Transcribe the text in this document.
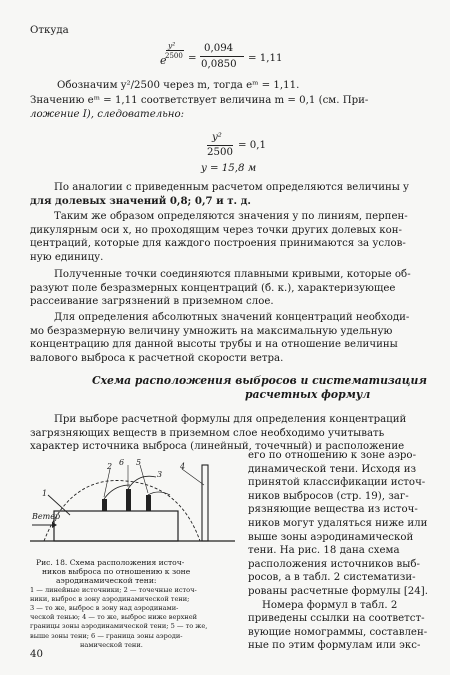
Откуда
e
y²
2500 =
0,094
0,0850
= 1,11
Обозначим y²/2500 через m, тогда eᵐ = 1,11.
Значению eᵐ = 1,11 соответствует величина m = 0,1 (см. При-
ложение I), следовательно:
y²
2500
= 0,1
y = 15,8 м
По аналогии с приведенным расчетом определяются величины y
для долевых значений 0,8; 0,7 и т. д.
Таким же образом определяются значения y по линиям, перпен-
дикулярным оси x, но проходящим через точки других долевых кон-
центраций, которые для каждого построения принимаются за услов-
ную единицу.
Полученные точки соединяются плавными кривыми, которые об-
разуют поле безразмерных концентраций (б. к.), характеризующее
рассеивание загрязнений в приземном слое.
Для определения абсолютных значений концентраций необходи-
мо безразмерную величину умножить на максимальную удельную
концентрацию для данной высоты трубы и на отношение величины
валового выброса к расчетной скорости ветра.
Схема расположения выбросов и систематизация
расчетных формул
При выборе расчетной формулы для определения концентраций
загрязняющих веществ в приземном слое необходимо учитывать
характер источника выброса (линейный, точечный) и расположение
Ветер
1
2 6 5	4
3
его по отношению к зоне аэро-
динамической тени. Исходя из
принятой классификации источ-
ников выбросов (стр. 19), заг-
рязняющие вещества из источ-
ников могут удаляться ниже или
выше зоны аэродинамической
тени. На рис. 18 дана схема
расположения источников выб-
росов, а в табл. 2 систематизи-
рованы расчетные формулы [24].
Номера формул в табл. 2
приведены ссылки на соответст-
вующие номограммы, составлен-
ные по этим формулам или экс-
Рис. 18. Схема расположения источ-
ников выброса по отношению к зоне
аэродинамической тени:
1 — линейные источники; 2 — точечные источ-
ники, выброс в зону аэродинамической тени;
3 — то же, выброс в зону над аэродинами-
ческой тенью; 4 — то же, выброс ниже верхней
границы зоны аэродинамической тени; 5 — то же,
выше зоны тени; 6 — граница зоны аэроди-
намической тени.
40
